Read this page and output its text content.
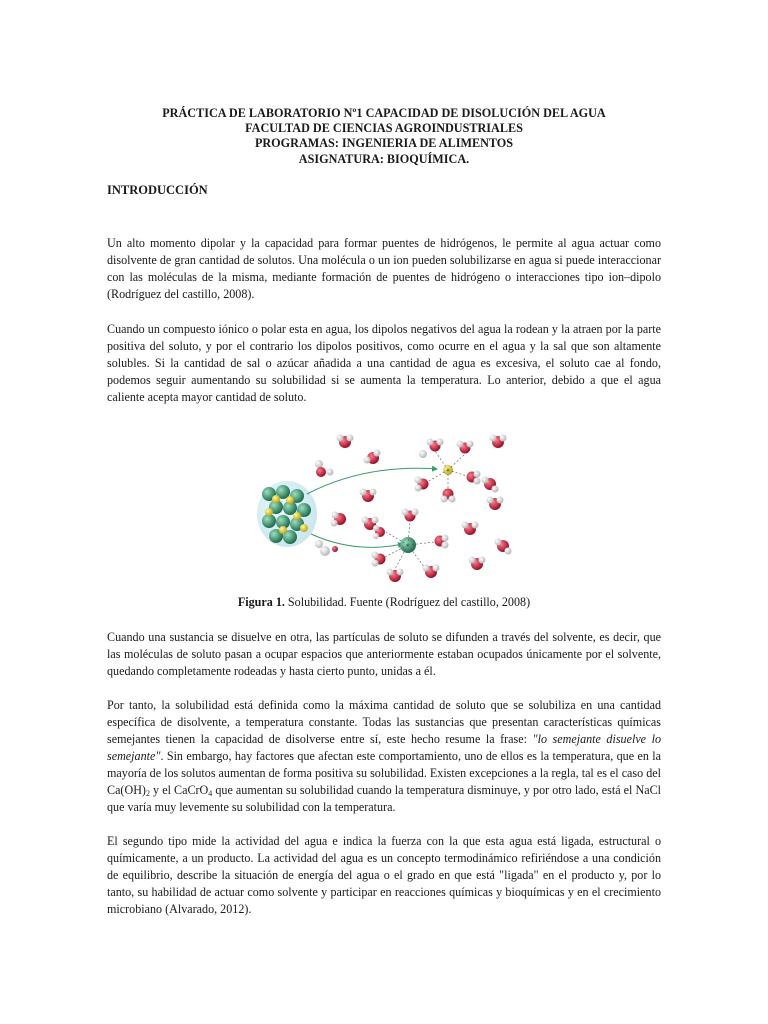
PRÁCTICA DE LABORATORIO Nº1 CAPACIDAD DE DISOLUCIÓN DEL AGUA
FACULTAD DE CIENCIAS AGROINDUSTRIALES
PROGRAMAS: INGENIERIA DE ALIMENTOS
ASIGNATURA: BIOQUÍMICA.
INTRODUCCIÓN

Un alto momento dipolar y la capacidad para formar puentes de hidrógenos, le permite al agua actuar como disolvente de gran cantidad de solutos. Una molécula o un ion pueden solubilizarse en agua si puede interaccionar con las moléculas de la misma, mediante formación de puentes de hidrógeno o interacciones tipo ion–dipolo (Rodríguez del castillo, 2008).

Cuando un compuesto iónico o polar esta en agua, los dipolos negativos del agua la rodean y la atraen por la parte positiva del soluto, y por el contrario los dipolos positivos, como ocurre en el agua y la sal que son altamente solubles. Si la cantidad de sal o azúcar añadida a una cantidad de agua es excesiva, el soluto cae al fondo, podemos seguir aumentando su solubilidad si se aumenta la temperatura. Lo anterior, debido a que el agua caliente acepta mayor cantidad de soluto.

Figura 1. Solubilidad. Fuente (Rodríguez del castillo, 2008)

Cuando una sustancia se disuelve en otra, las partículas de soluto se difunden a través del solvente, es decir, que las moléculas de soluto pasan a ocupar espacios que anteriormente estaban ocupados únicamente por el solvente, quedando completamente rodeadas y hasta cierto punto, unidas a él.

Por tanto, la solubilidad está definida como la máxima cantidad de soluto que se solubiliza en una cantidad específica de disolvente, a temperatura constante. Todas las sustancias que presentan características químicas semejantes tienen la capacidad de disolverse entre sí, este hecho resume la frase: "lo semejante disuelve lo semejante". Sin embargo, hay factores que afectan este comportamiento, uno de ellos es la temperatura, que en la mayoría de los solutos aumentan de forma positiva su solubilidad. Existen excepciones a la regla, tal es el caso del $Ca(OH)_2$ y el CaCrO$_4$ que aumentan su solubilidad cuando la temperatura disminuye, y por otro lado, está el NaCl que varía muy levemente su solubilidad con la temperatura.

El segundo tipo mide la actividad del agua e indica la fuerza con la que esta agua está ligada, estructural o químicamente, a un producto. La actividad del agua es un concepto termodinámico refiriéndose a una condición de equilibrio, describe la situación de energía del agua o el grado en que está "ligada" en el producto y, por lo tanto, su habilidad de actuar como solvente y participar en reacciones químicas y bioquímicas y en el crecimiento microbiano (Alvarado, 2012).
